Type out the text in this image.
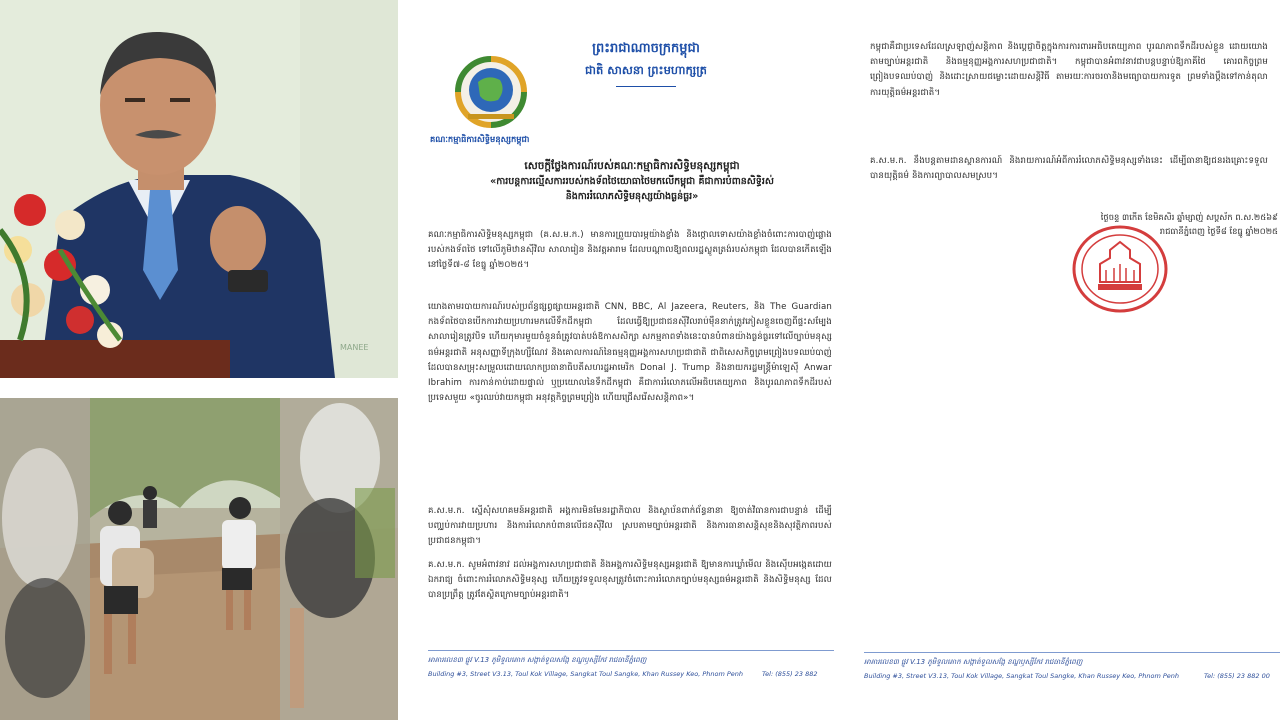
MANEE
ព្រះរាជាណាចក្រកម្ពុជា
ជាតិ សាសនា ព្រះមហាក្សត្រ
គណៈកម្មាធិការសិទ្ធិមនុស្សកម្ពុជា
សេចក្ដីថ្លែងការណ៍របស់គណៈកម្មាធិការសិទ្ធិមនុស្សកម្ពុជា
«ការបន្តការល្មើសការរបស់កងទ័ពថៃយោធាថៃមកលើកម្ពុជា គឺជាការបំពានសិទ្ធិរស់
និងការរំលោភសិទ្ធិមនុស្សយ៉ាងធ្ងន់ធ្ងរ»
គណៈកម្មាធិការសិទ្ធិមនុស្សកម្ពុជា (គ.ស.ម.ក.) មានការព្រួយបារម្ភយ៉ាងខ្លាំង និងថ្កោលទោសយ៉ាងខ្លាំងចំពោះការបាញ់ផ្លោងរបស់កងទ័ពថៃ ទៅលើភូមិឋានស៊ីវិល សាលារៀន និងវត្តអារាម ដែលបណ្ដាលឱ្យពលរដ្ឋស្លូតត្រង់របស់កម្ពុជា ដែលបានកើតឡើងនៅថ្ងៃទី៧-៨ ខែធ្នូ ឆ្នាំ២០២៥។
យោងតាមរបាយការណ៍របស់ប្រព័ន្ធផ្សព្វផ្សាយអន្តរជាតិ CNN, BBC, Al Jazeera, Reuters, និង The Guardian កងទ័ពថៃបានបើកការវាយប្រហារមកលើទឹកដីកម្ពុជា ដែលធ្វើឱ្យប្រជាជនស៊ីវិលរាប់ម៉ឺននាក់ត្រូវភៀសខ្លួនចេញពីផ្ទះសម្បែង សាលារៀនត្រូវបិទ ហើយកុមារមួយចំនួនធំត្រូវបាត់បង់ឱកាសសិក្សា សកម្មភាពទាំងនេះបានបំពានយ៉ាងធ្ងន់ធ្ងរទៅលើច្បាប់មនុស្សធម៌អន្តរជាតិ អនុសញ្ញាទីក្រុងហ្សឺណែវ និងគោលការណ៍នៃធម្មនុញ្ញអង្គការសហប្រជាជាតិ ជាពិសេសកិច្ចព្រមព្រៀងបទឈប់បាញ់ ដែលបានសម្រុះសម្រួលដោយលោកប្រធានាធិបតីសហរដ្ឋអាមេរិក Donal J. Trump និងនាយករដ្ឋមន្ត្រីម៉ាឡេស៊ី Anwar Ibrahim ការកាន់កាប់ដោយផ្ទាល់ ឬប្រយោលនៃទឹកដីកម្ពុជា គឺជាការរំលោភលើអធិបតេយ្យភាព និងបូរណភាពទឹកដីរបស់ប្រទេសមួយ «ចូរឈប់វាយកម្ពុជា អនុវត្តកិច្ចព្រមព្រៀង ហើយជ្រើសរើសសន្តិភាព»។
គ.ស.ម.ក. ស្នើសុំសហគមន៍អន្តរជាតិ អង្គការមិនមែនរដ្ឋាភិបាល និងស្ថាប័នពាក់ព័ន្ធនានា ឱ្យចាត់វិធានការជាបន្ទាន់ ដើម្បីបញ្ឈប់ការវាយប្រហារ និងការរំលោភបំពានលើជនស៊ីវិល ស្របតាមច្បាប់អន្តរជាតិ និងការធានាសន្តិសុខនិងសុវត្ថិភាពរបស់ប្រជាជនកម្ពុជា។
គ.ស.ម.ក. សូមអំពាវនាវ ដល់អង្គការសហប្រជាជាតិ និងអង្គការសិទ្ធិមនុស្សអន្តរជាតិ ឱ្យមានការឃ្លាំមើល និងស៊ើបអង្កេតដោយឯករាជ្យ ចំពោះការរំលោភសិទ្ធិមនុស្ស ហើយត្រូវទទួលខុសត្រូវចំពោះការរំលោភច្បាប់មនុស្សធម៌អន្តរជាតិ និងសិទ្ធិមនុស្ស ដែលបានប្រព្រឹត្ត ត្រូវតែស្ថិតក្រោមច្បាប់អន្តរជាតិ។
អាគារលេខ៣ ផ្លូវ V.13 ភូមិទួលគោក សង្កាត់ទួលសង្កែ ខណ្ឌឫស្សីកែវ រាជធានីភ្នំពេញ
Building #3, Street V3.13, Toul Kok Village, Sangkat Toul Sangke, Khan Russey Keo, Phnom Penh	Tel: (855) 23 882
កម្ពុជាគឺជាប្រទេសដែលស្រឡាញ់សន្តិភាព និងប្ដេជ្ញាចិត្តក្នុងការការពារអធិបតេយ្យភាព បូរណភាពទឹកដីរបស់ខ្លួន ដោយយោងតាមច្បាប់អន្តរជាតិ និងធម្មនុញ្ញអង្គការសហប្រជាជាតិ។ កម្ពុជាបានអំពាវនាវជាបន្តបន្ទាប់ឱ្យភាគីថៃ គោរពកិច្ចព្រមព្រៀងបទឈប់បាញ់ និងដោះស្រាយជម្លោះដោយសន្តិវិធី តាមរយៈការចរចានិងមធ្យោបាយការទូត ព្រមទាំងប្ដឹងទៅកាន់តុលាការយុត្តិធម៌អន្តរជាតិ។
គ.ស.ម.ក. នឹងបន្តតាមដានស្ថានការណ៍ និងរាយការណ៍អំពីការរំលោភសិទ្ធិមនុស្សទាំងនេះ ដើម្បីធានាឱ្យជនរងគ្រោះទទួលបានយុត្តិធម៌ និងការព្យាបាលសមស្រប។
ថ្ងៃចន្ទ ៣កើត ខែមិគសិរ ឆ្នាំម្សាញ់ សប្តស័ក ព.ស.២៥៦៩
រាជធានីភ្នំពេញ ថ្ងៃទី៨ ខែធ្នូ ឆ្នាំ២០២៥
អាគារលេខ៣ ផ្លូវ V.13 ភូមិទួលគោក សង្កាត់ទួលសង្កែ ខណ្ឌឫស្សីកែវ រាជធានីភ្នំពេញ
Building #3, Street V3.13, Toul Kok Village, Sangkat Toul Sangke, Khan Russey Keo, Phnom Penh	Tel: (855) 23 882 00
